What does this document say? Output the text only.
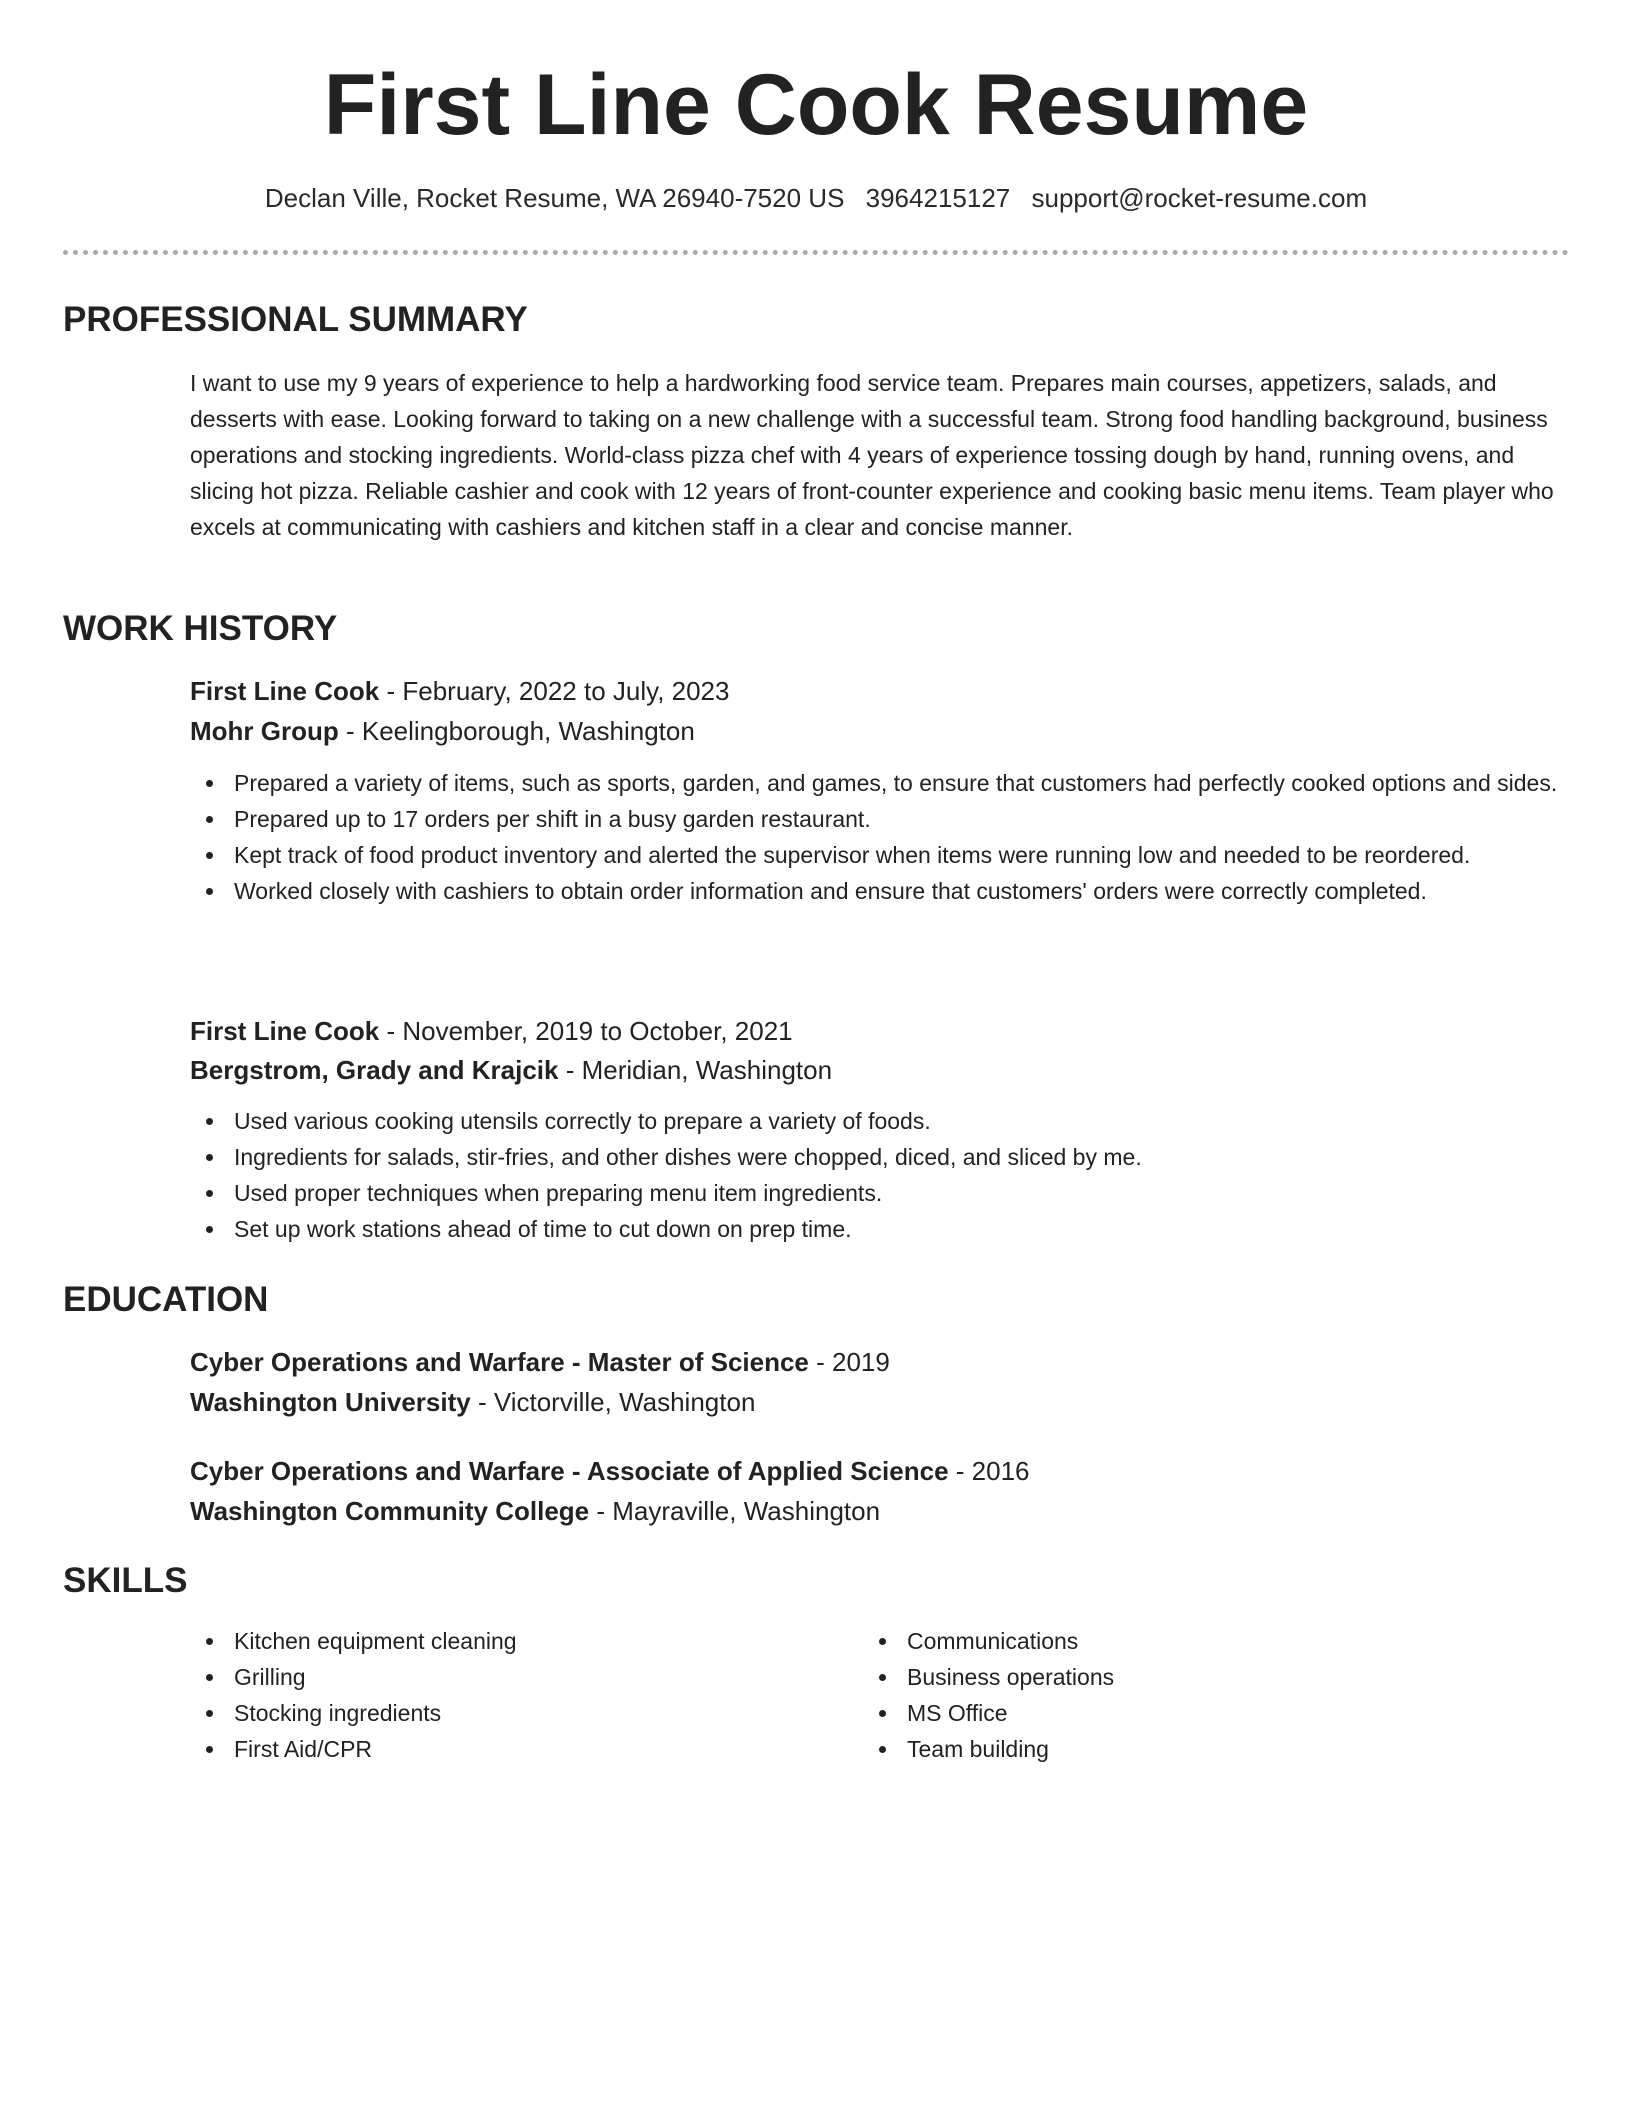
First Line Cook Resume
Declan Ville, Rocket Resume, WA 26940-7520 US 3964215127 support@rocket-resume.com
PROFESSIONAL SUMMARY

I want to use my 9 years of experience to help a hardworking food service team. Prepares main courses, appetizers, salads, and desserts with ease. Looking forward to taking on a new challenge with a successful team. Strong food handling background, business operations and stocking ingredients. World-class pizza chef with 4 years of experience tossing dough by hand, running ovens, and slicing hot pizza. Reliable cashier and cook with 12 years of front-counter experience and cooking basic menu items. Team player who excels at communicating with cashiers and kitchen staff in a clear and concise manner.

WORK HISTORY
First Line Cook - February, 2022 to July, 2023
Mohr Group - Keelingborough, Washington
Prepared a variety of items, such as sports, garden, and games, to ensure that customers had perfectly cooked options and sides.
Prepared up to 17 orders per shift in a busy garden restaurant.
Kept track of food product inventory and alerted the supervisor when items were running low and needed to be reordered.
Worked closely with cashiers to obtain order information and ensure that customers' orders were correctly completed.
First Line Cook - November, 2019 to October, 2021
Bergstrom, Grady and Krajcik - Meridian, Washington
Used various cooking utensils correctly to prepare a variety of foods.
Ingredients for salads, stir-fries, and other dishes were chopped, diced, and sliced by me.
Used proper techniques when preparing menu item ingredients.
Set up work stations ahead of time to cut down on prep time.
EDUCATION
Cyber Operations and Warfare - Master of Science - 2019
Washington University - Victorville, Washington
Cyber Operations and Warfare - Associate of Applied Science - 2016
Washington Community College - Mayraville, Washington
SKILLS
Kitchen equipment cleaning
Grilling
Stocking ingredients
First Aid/CPR
Communications
Business operations
MS Office
Team building
